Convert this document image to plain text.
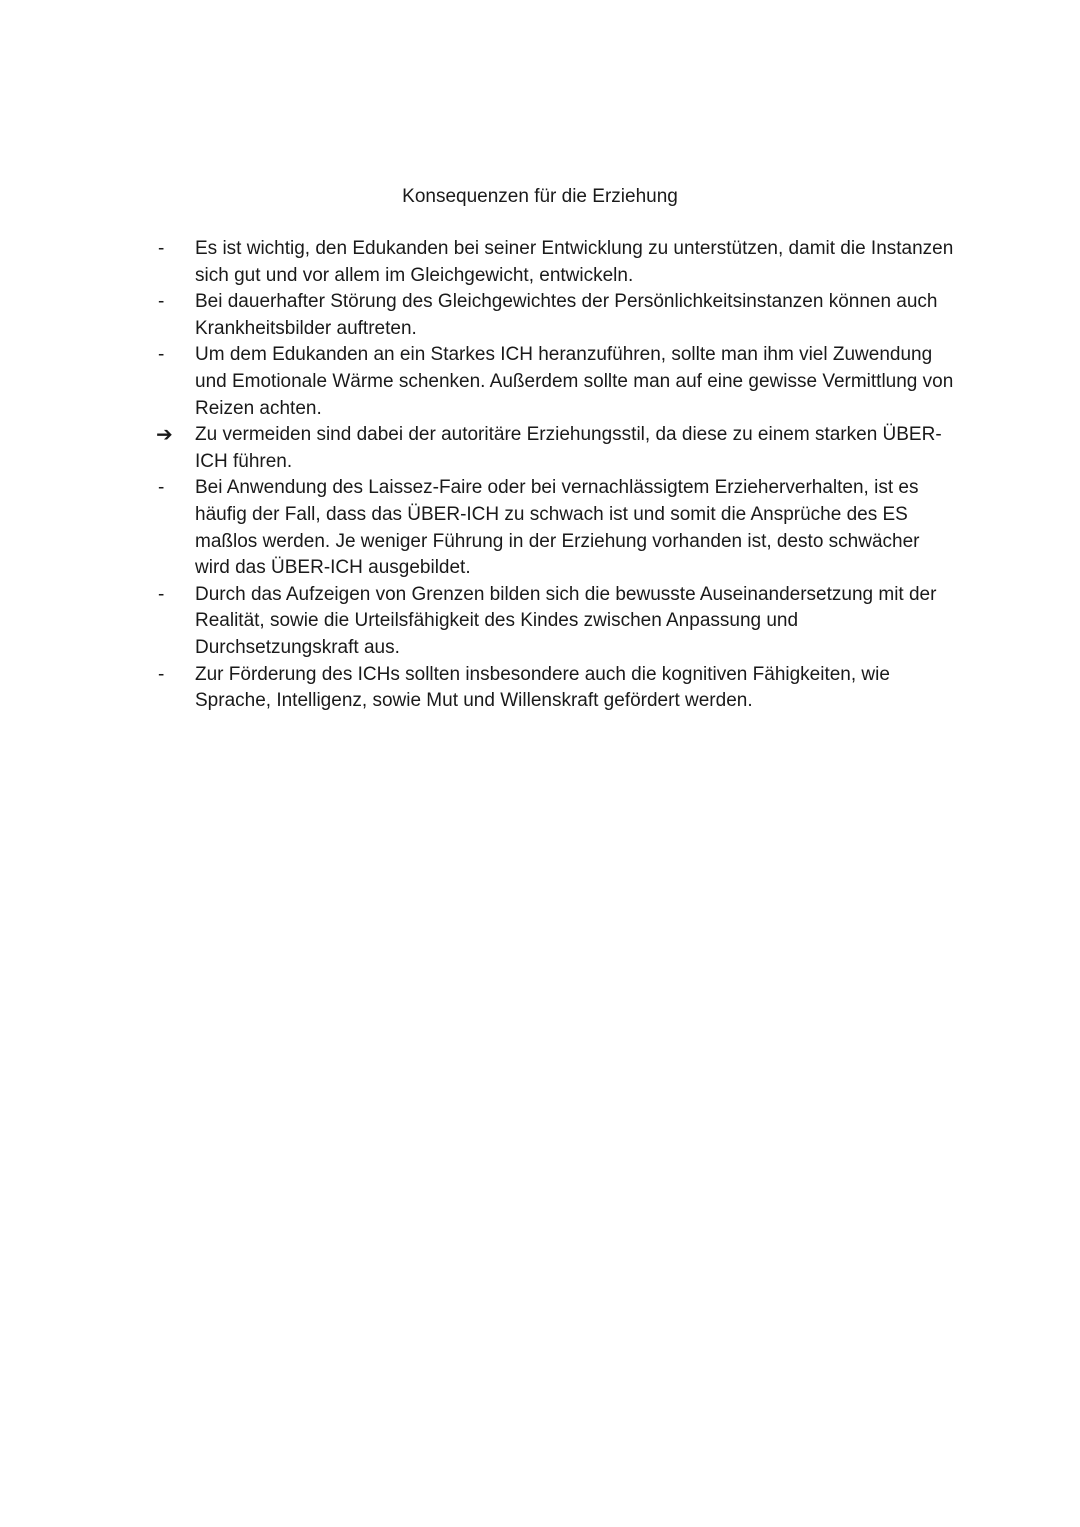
Konsequenzen für die Erziehung
-	Es ist wichtig, den Edukanden bei seiner Entwicklung zu unterstützen, damit die Instanzen sich gut und vor allem im Gleichgewicht, entwickeln.
-	Bei dauerhafter Störung des Gleichgewichtes der Persönlichkeitsinstanzen können auch Krankheitsbilder auftreten.
-	Um dem Edukanden an ein Starkes ICH heranzuführen, sollte man ihm viel Zuwendung und Emotionale Wärme schenken. Außerdem sollte man auf eine gewisse Vermittlung von Reizen achten.
➔	Zu vermeiden sind dabei der autoritäre Erziehungsstil, da diese zu einem starken ÜBER-ICH führen.
-	Bei Anwendung des Laissez-Faire oder bei vernachlässigtem Erzieherverhalten, ist es häufig der Fall, dass das ÜBER-ICH zu schwach ist und somit die Ansprüche des ES maßlos werden. Je weniger Führung in der Erziehung vorhanden ist, desto schwächer wird das ÜBER-ICH ausgebildet.
-	Durch das Aufzeigen von Grenzen bilden sich die bewusste Auseinandersetzung mit der Realität, sowie die Urteilsfähigkeit des Kindes zwischen Anpassung und Durchsetzungskraft aus.
-	Zur Förderung des ICHs sollten insbesondere auch die kognitiven Fähigkeiten, wie Sprache, Intelligenz, sowie Mut und Willenskraft gefördert werden.
